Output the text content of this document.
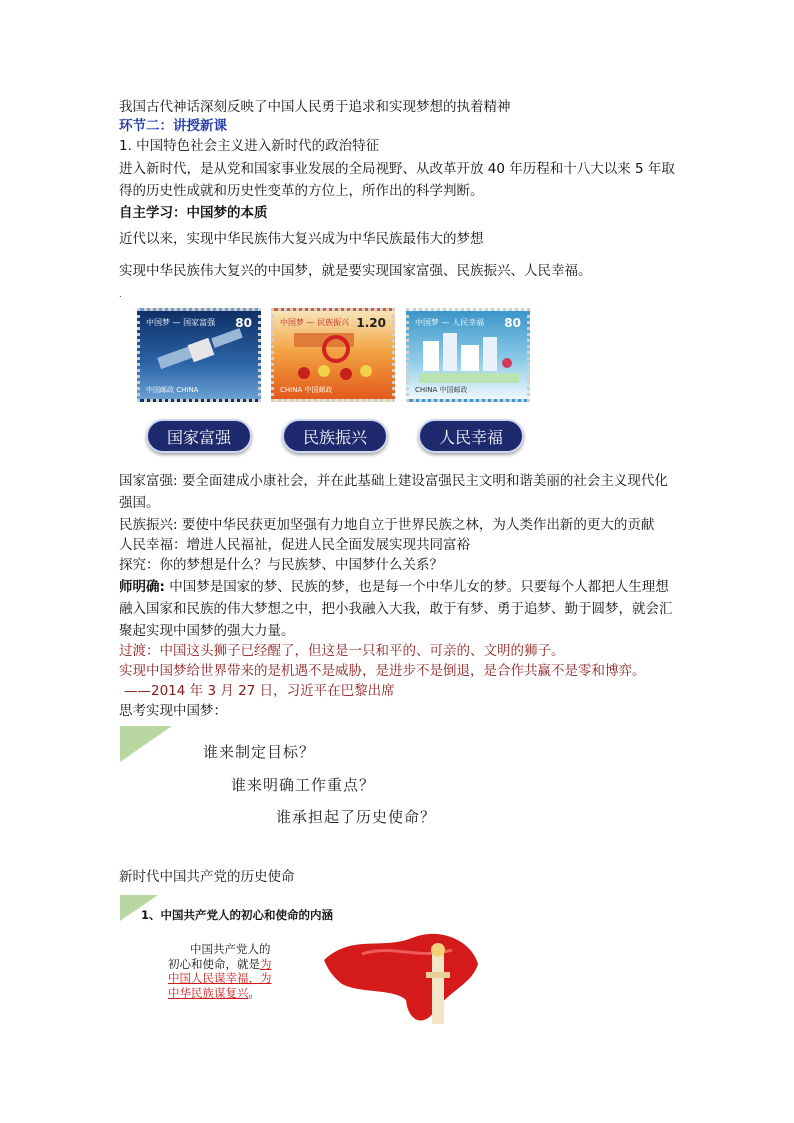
我国古代神话深刻反映了中国人民勇于追求和实现梦想的执着精神
环节二：讲授新课
1. 中国特色社会主义进入新时代的政治特征
进入新时代，是从党和国家事业发展的全局视野、从改革开放 40 年历程和十八大以来 5 年取得的历史性成就和历史性变革的方位上，所作出的科学判断。
自主学习：中国梦的本质
近代以来，实现中华民族伟大复兴成为中华民族最伟大的梦想
实现中华民族伟大复兴的中国梦，就是要实现国家富强、民族振兴、人民幸福。
.
中国梦 — 国家富强 80
中国邮政 CHINA
中国梦 — 民族振兴 1.20
CHINA 中国邮政
中国梦 — 人民幸福 80
CHINA 中国邮政
国家富强	民族振兴	人民幸福
国家富强: 要全面建成小康社会，并在此基础上建设富强民主文明和谐美丽的社会主义现代化强国。
民族振兴: 要使中华民获更加坚强有力地自立于世界民族之林，为人类作出新的更大的贡献
人民幸福：增进人民福祉，促进人民全面发展实现共同富裕
探究：你的梦想是什么？与民族梦、中国梦什么关系？
师明确: 中国梦是国家的梦、民族的梦，也是每一个中华儿女的梦。只要每个人都把人生理想融入国家和民族的伟大梦想之中，把小我融入大我，敢于有梦、勇于追梦、勤于圆梦，就会汇聚起实现中国梦的强大力量。
过渡：中国这头狮子已经醒了，但这是一只和平的、可亲的、文明的狮子。
实现中国梦给世界带来的是机遇不是威胁，是进步不是倒退，是合作共赢不是零和博弈。
——2014 年 3 月 27 日，习近平在巴黎出席
思考实现中国梦：
谁来制定目标？
谁来明确工作重点？
谁承担起了历史使命？
新时代中国共产党的历史使命
1、中国共产党人的初心和使命的内涵
中国共产党人的初心和使命，就是为中国人民谋幸福，为中华民族谋复兴。
